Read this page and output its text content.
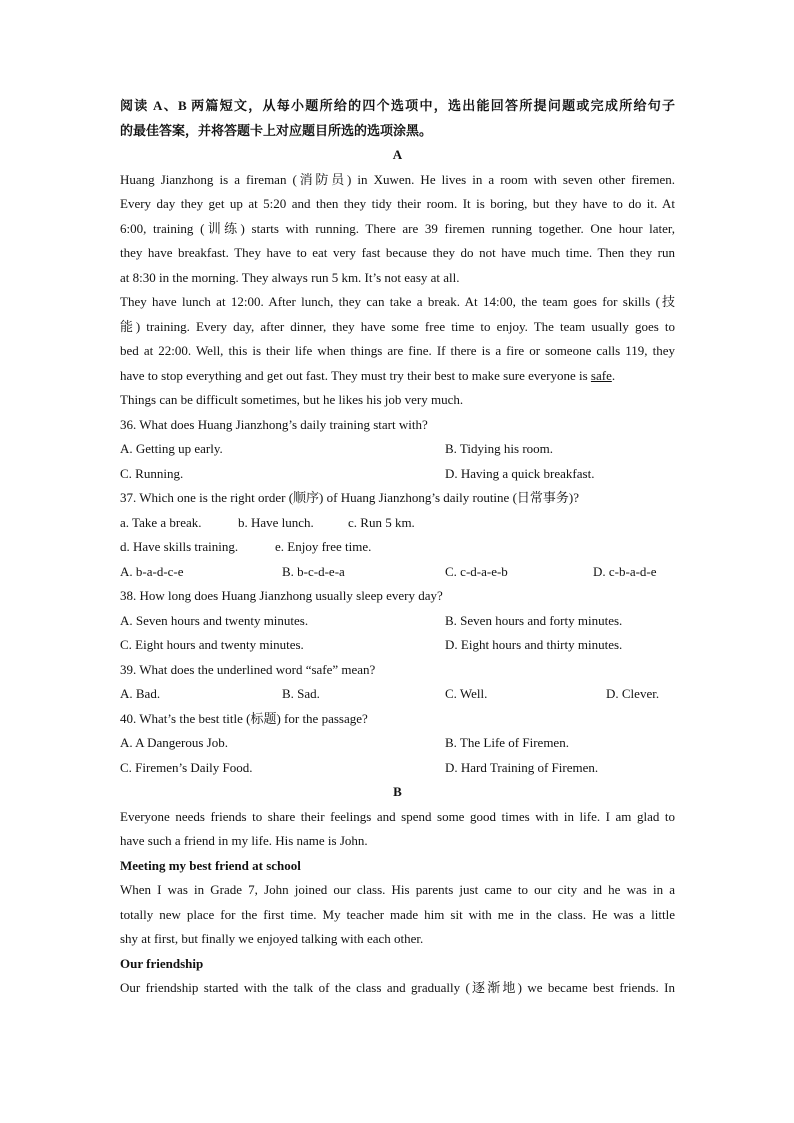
阅读 A、B 两篇短文，从每小题所给的四个选项中，选出能回答所提问题或完成所给句子

的最佳答案，并将答题卡上对应题目所选的选项涂黑。

A

Huang Jianzhong is a fireman (消防员) in Xuwen. He lives in a room with seven other firemen.

Every day they get up at 5:20 and then they tidy their room. It is boring, but they have to do it. At

6:00, training (训练) starts with running. There are 39 firemen running together. One hour later,

they have breakfast. They have to eat very fast because they do not have much time. Then they run

at 8:30 in the morning. They always run 5 km. It’s not easy at all.

They have lunch at 12:00. After lunch, they can take a break. At 14:00, the team goes for skills (技

能) training. Every day, after dinner, they have some free time to enjoy. The team usually goes to

bed at 22:00. Well, this is their life when things are fine. If there is a fire or someone calls 119, they

have to stop everything and get out fast. They must try their best to make sure everyone is safe.

Things can be difficult sometimes, but he likes his job very much.

36. What does Huang Jianzhong’s daily training start with?

A. Getting up early.	B. Tidying his room.
C. Running.	D. Having a quick breakfast.

37. Which one is the right order (顺序) of Huang Jianzhong’s daily routine (日常事务)?

a. Take a break.	b. Have lunch.	c. Run 5 km.
d. Have skills training.	e. Enjoy free time.
A. b-a-d-c-e	B. b-c-d-e-a	C. c-d-a-e-b	D. c-b-a-d-e

38. How long does Huang Jianzhong usually sleep every day?

A. Seven hours and twenty minutes.	B. Seven hours and forty minutes.
C. Eight hours and twenty minutes.	D. Eight hours and thirty minutes.

39. What does the underlined word “safe” mean?

A. Bad.	B. Sad.	C. Well.	D. Clever.

40. What’s the best title (标题) for the passage?

A. A Dangerous Job.	B. The Life of Firemen.
C. Firemen’s Daily Food.	D. Hard Training of Firemen.

B

Everyone needs friends to share their feelings and spend some good times with in life. I am glad to

have such a friend in my life. His name is John.

Meeting my best friend at school

When I was in Grade 7, John joined our class. His parents just came to our city and he was in a

totally new place for the first time. My teacher made him sit with me in the class. He was a little

shy at first, but finally we enjoyed talking with each other.

Our friendship

Our friendship started with the talk of the class and gradually (逐渐地) we became best friends. In
